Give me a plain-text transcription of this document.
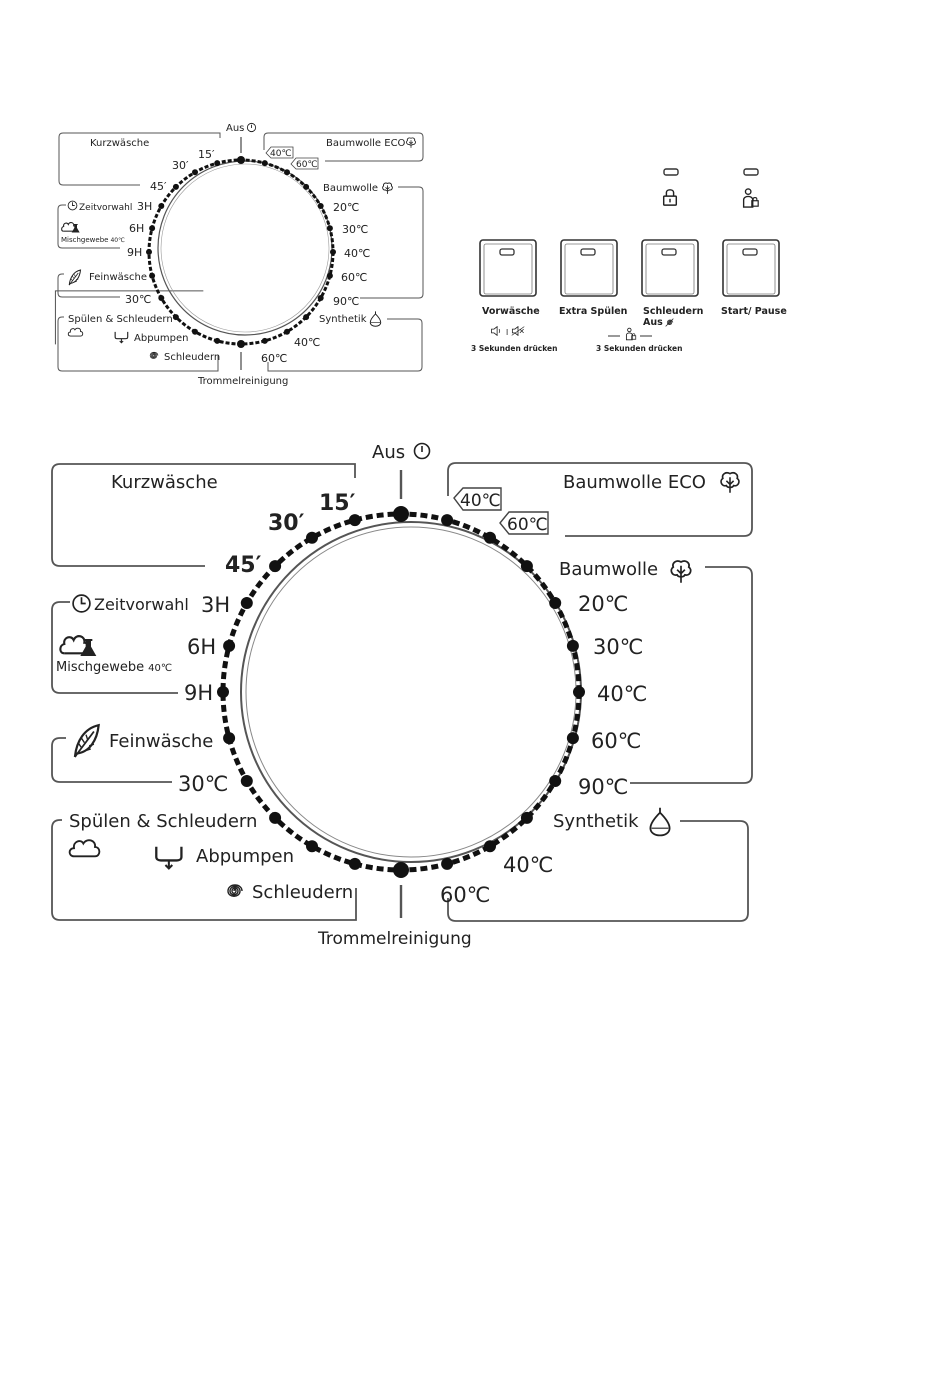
Aus
Kurzwäsche
15′
30′
45′
Baumwolle ECO
40℃
60℃
Baumwolle
20℃
30℃
40℃
60℃
90℃
Zeitvorwahl 3H
6H
9H
Mischgewebe 40℃
Feinwäsche
30℃
Spülen & Schleudern
Abpumpen
Schleudern
Synthetik
40℃
60℃
Trommelreinigung
Aus
Kurzwäsche
15′
30′
45′
Baumwolle ECO
40℃
60℃
Baumwolle
20℃
30℃
40℃
60℃
90℃
Zeitvorwahl 3H
6H
9H
Mischgewebe 40℃
Feinwäsche
30℃
Spülen & Schleudern
Abpumpen
Schleudern
Synthetik
40℃
60℃
Trommelreinigung
Vorwäsche Extra Spülen Schleudern
Aus
Start/ Pause
I
3 Sekunden drücken	3 Sekunden drücken
